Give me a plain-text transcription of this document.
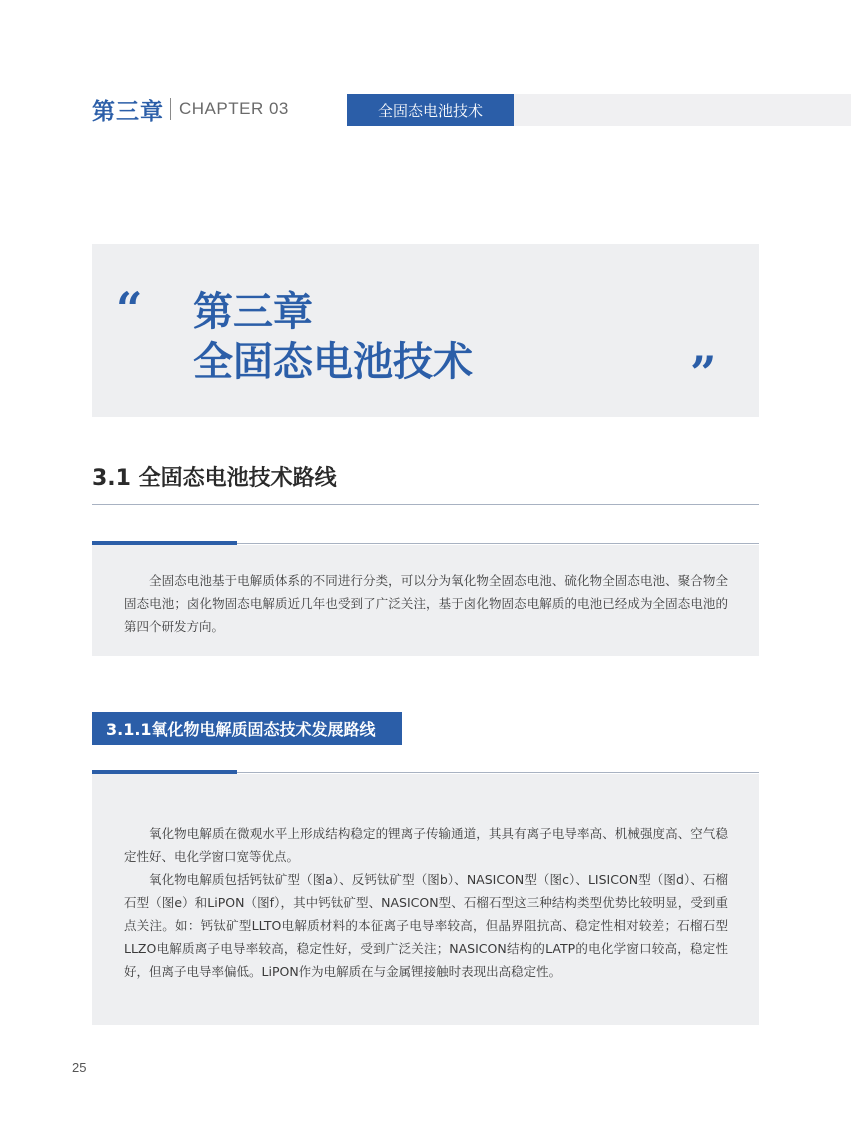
第三章 CHAPTER 03	全固态电池技术
“ 第三章
全固态电池技术	”
3.1 全固态电池技术路线
全固态电池基于电解质体系的不同进行分类，可以分为氧化物全固态电池、硫化物全固态电池、聚合物全固态电池；卤化物固态电解质近几年也受到了广泛关注，基于卤化物固态电解质的电池已经成为全固态电池的第四个研发方向。
3.1.1氧化物电解质固态技术发展路线
氧化物电解质在微观水平上形成结构稳定的锂离子传输通道，其具有离子电导率高、机械强度高、空气稳定性好、电化学窗口宽等优点。
氧化物电解质包括钙钛矿型（图a）、反钙钛矿型（图b）、NASICON型（图c）、LISICON型（图d）、石榴石型（图e）和LiPON（图f），其中钙钛矿型、NASICON型、石榴石型这三种结构类型优势比较明显，受到重点关注。如：钙钛矿型LLTO电解质材料的本征离子电导率较高，但晶界阻抗高、稳定性相对较差；石榴石型LLZO电解质离子电导率较高，稳定性好，受到广泛关注；NASICON结构的LATP的电化学窗口较高，稳定性好，但离子电导率偏低。LiPON作为电解质在与金属锂接触时表现出高稳定性。
25
